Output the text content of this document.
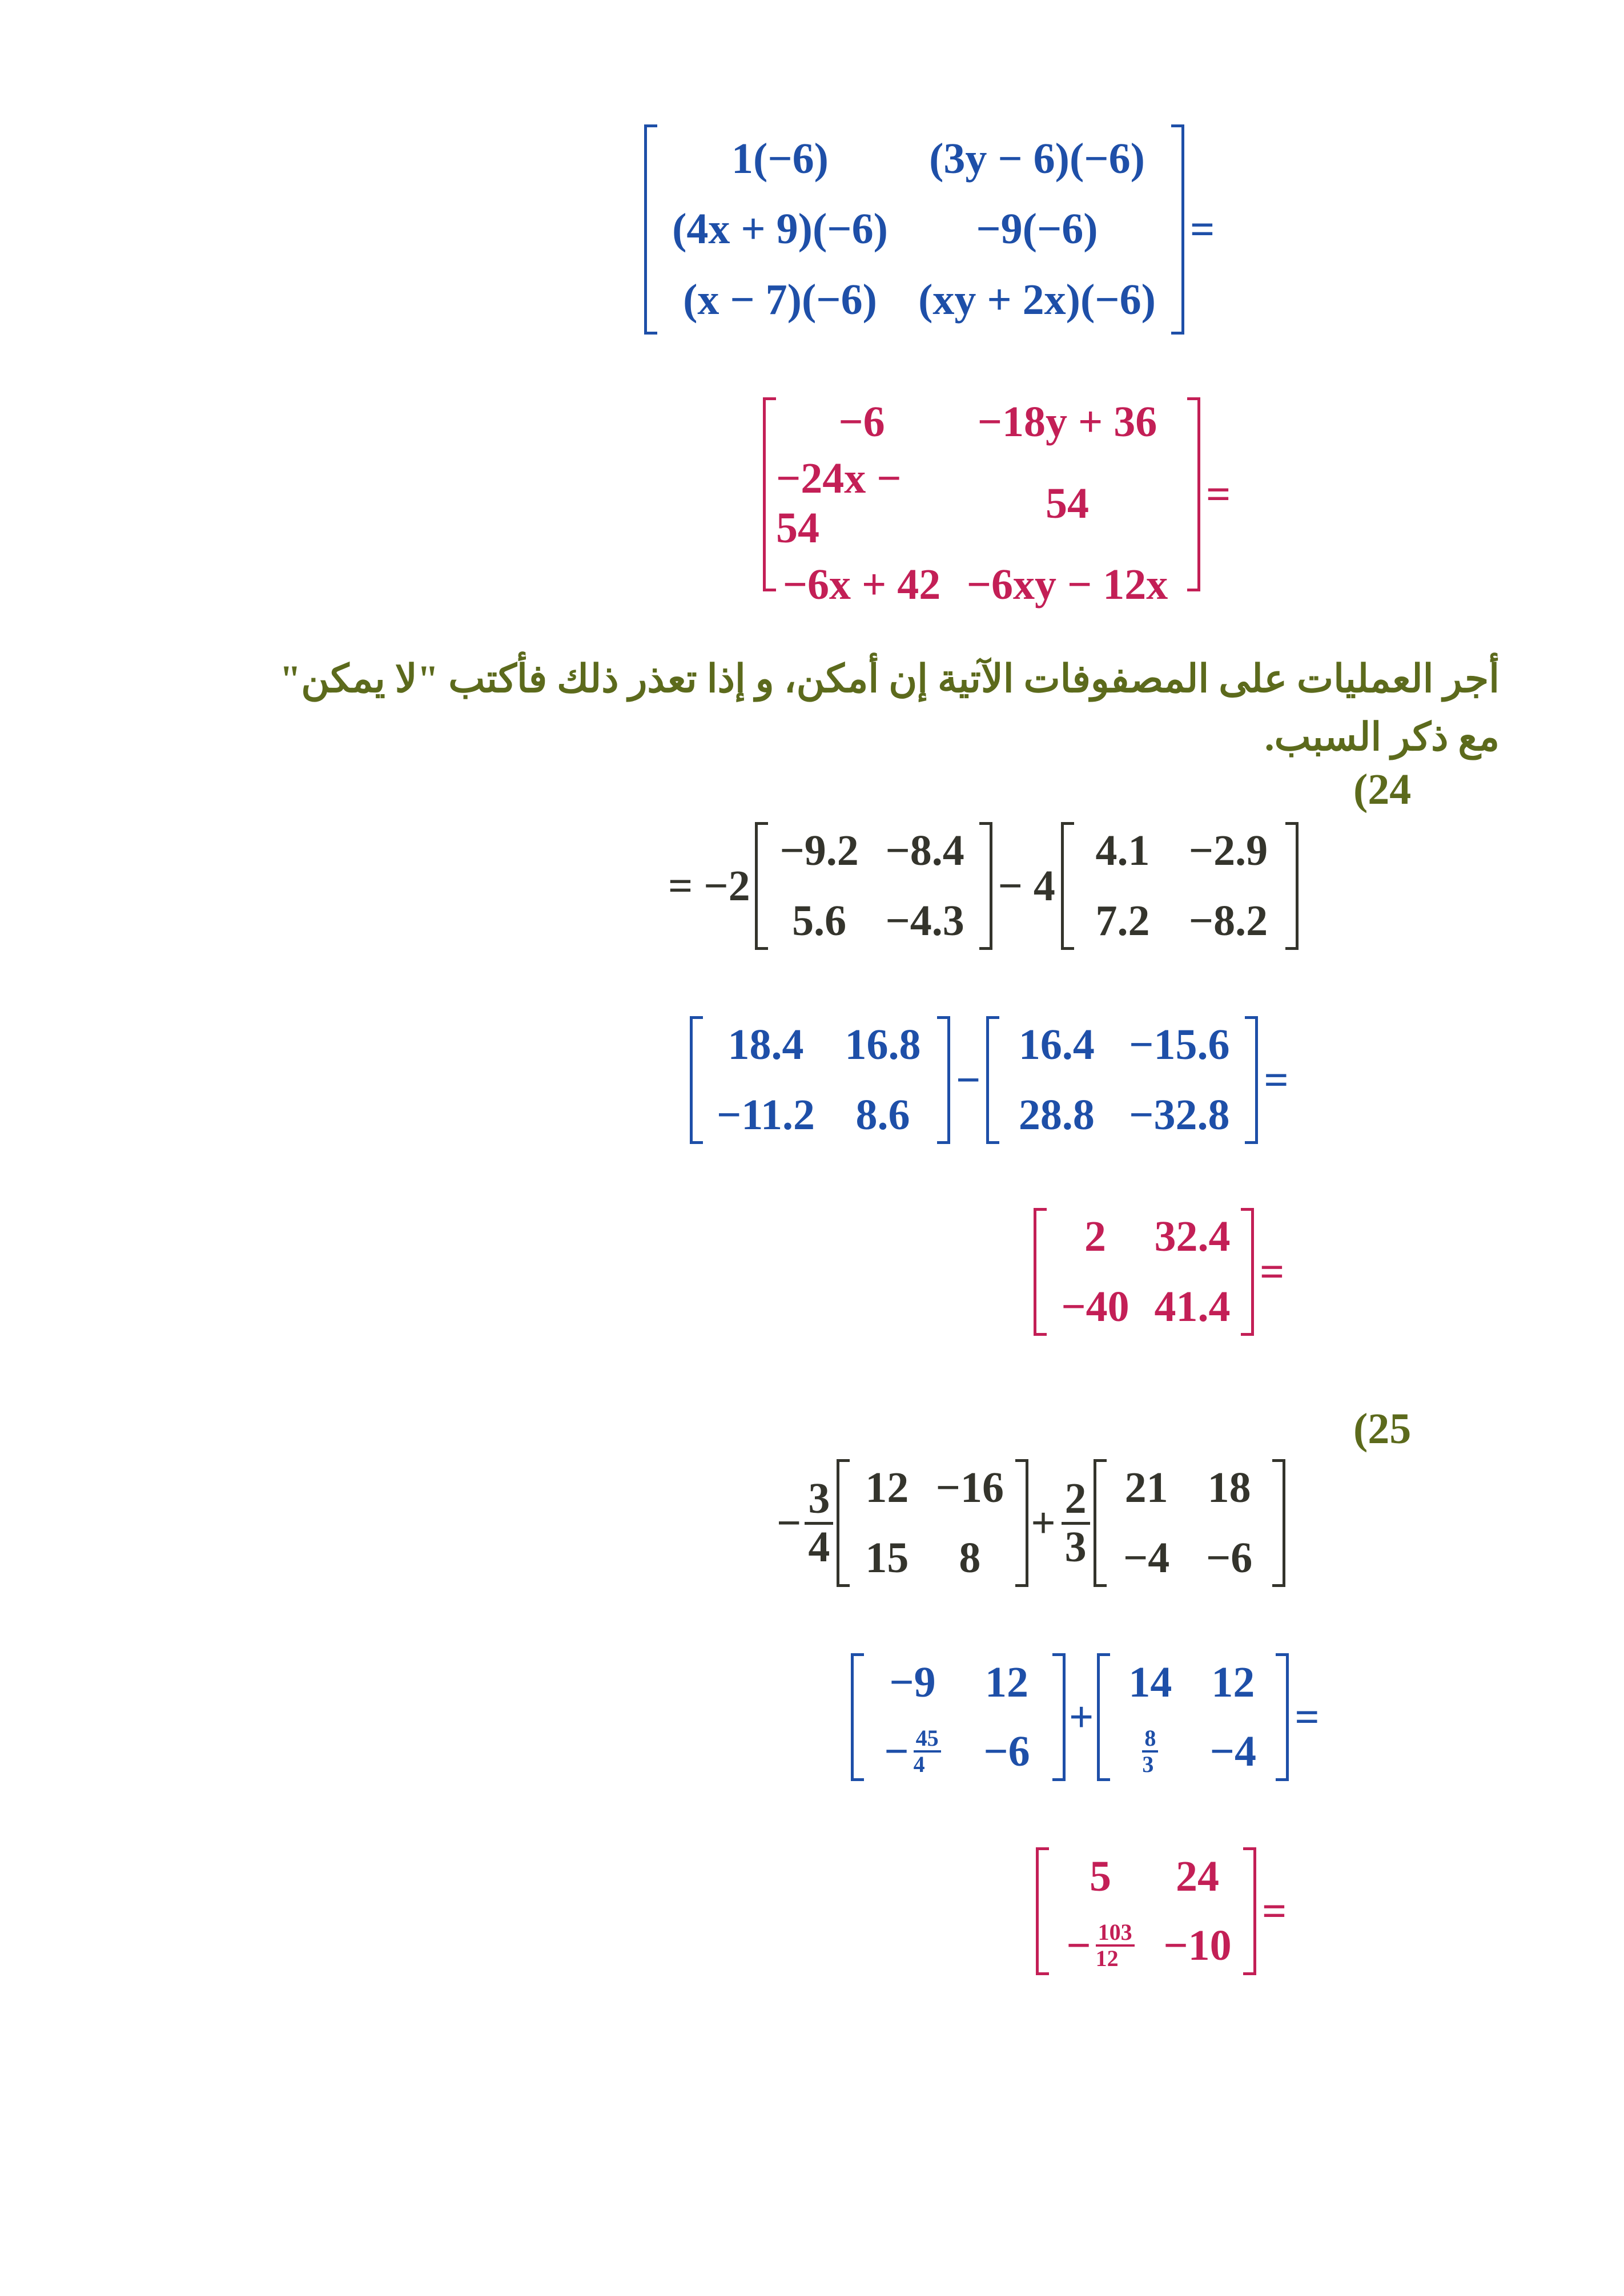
1(−6) (3y − 6)(−6)
(4x + 9)(−6) −9(−6)
(x − 7)(−6) (xy + 2x)(−6)
=
−6 −18y + 36
−24x − 54
54
−6x + 42 −6xy − 12x
=
أجر العمليات على المصفوفات الآتية إن أمكن، و إذا تعذر ذلك فأكتب "لا يمكن"
مع ذكر السبب.
(24
= −2
−9.2 −8.4
5.6 −4.3
− 4
4.1 −2.9
7.2 −8.2
18.4 16.8
−11.2 8.6
−
16.4 −15.6
28.8 −32.8
=
2 32.4
−40 41.4
=
(25
− $\frac{3}{4} 12 -16$
15 8
+ $\frac{2}{3} 21$ 18
−4 −6
−9 12
− $\frac{45}{4} -6$
+
14 12
8
3 −4
=
5 24
− $\frac{103}{12} -10$
=
